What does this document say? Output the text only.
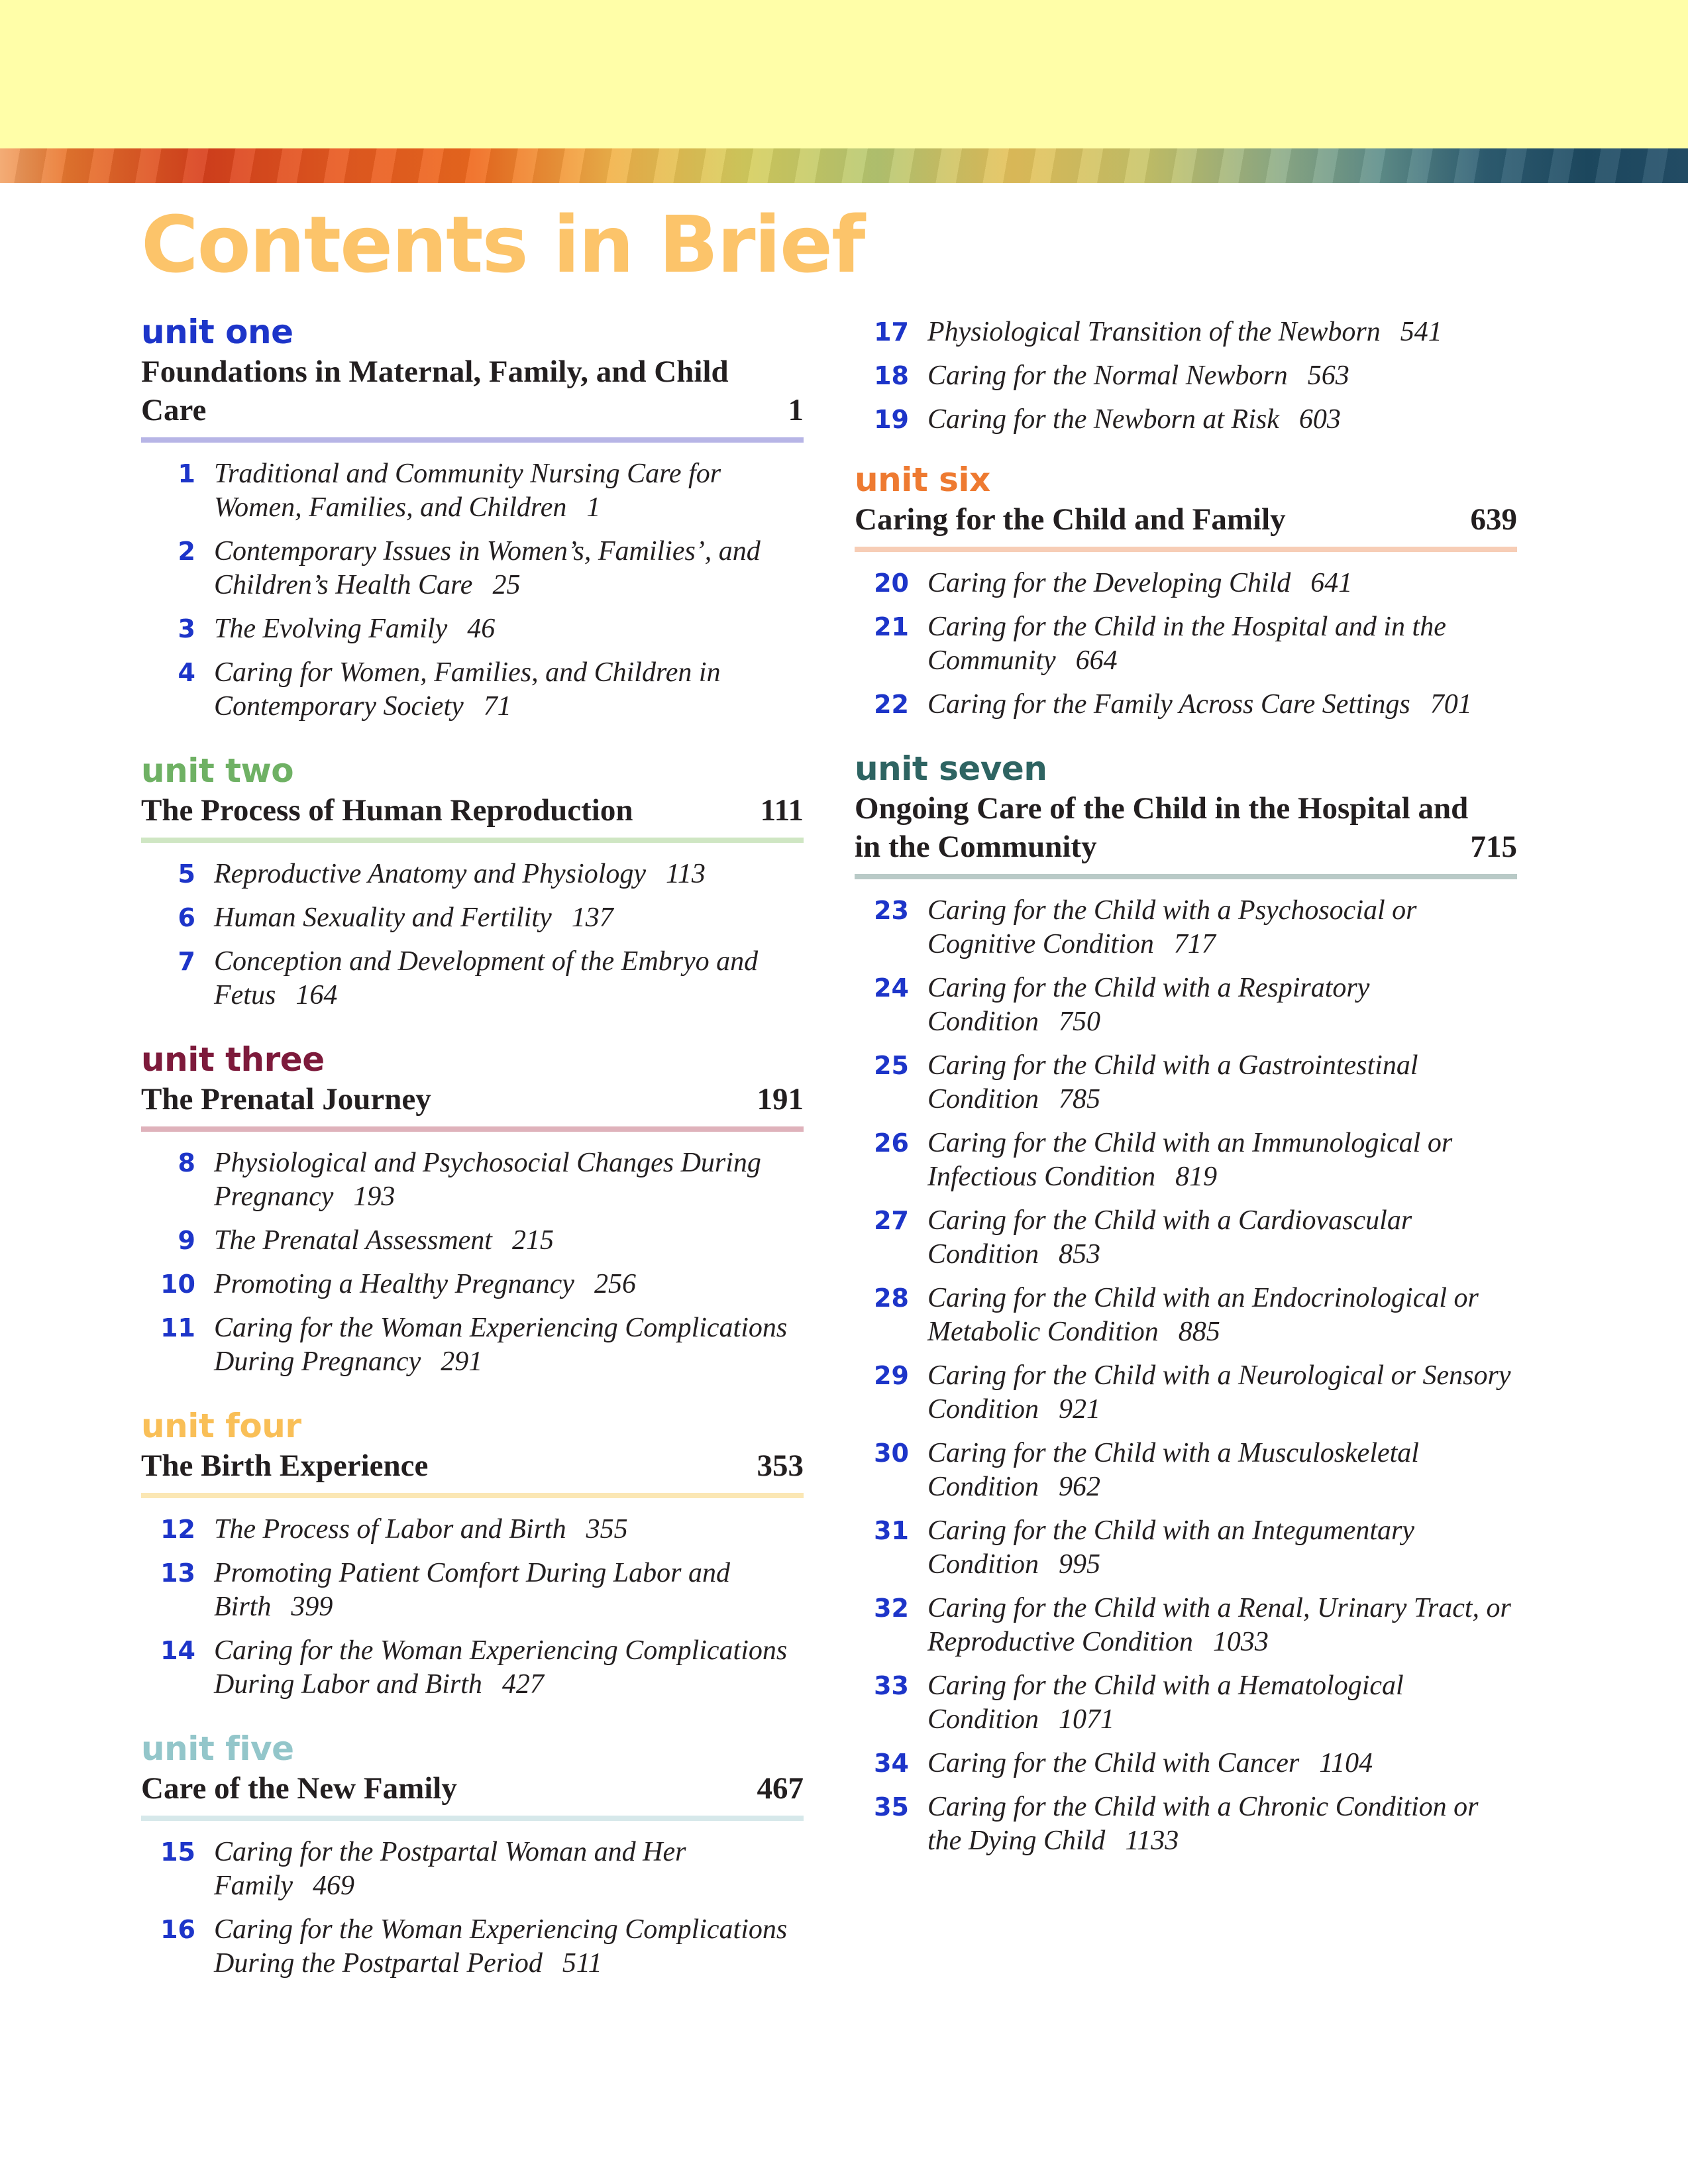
Contents in Brief
unit one
Foundations in Maternal, Family, and Child Care	1
1 Traditional and Community Nursing Care for Women, Families, and Children 1
2 Contemporary Issues in Women’s, Families’, and Children’s Health Care 25
3 The Evolving Family 46
4 Caring for Women, Families, and Children in Contemporary Society 71
unit two
The Process of Human Reproduction	111
5 Reproductive Anatomy and Physiology 113
6 Human Sexuality and Fertility 137
7 Conception and Development of the Embryo and Fetus 164
unit three
The Prenatal Journey	191
8 Physiological and Psychosocial Changes During Pregnancy 193
9 The Prenatal Assessment 215
10 Promoting a Healthy Pregnancy 256
11 Caring for the Woman Experiencing Complications During Pregnancy 291
unit four
The Birth Experience	353
12 The Process of Labor and Birth 355
13 Promoting Patient Comfort During Labor and Birth 399
14 Caring for the Woman Experiencing Complications During Labor and Birth 427
unit five
Care of the New Family	467
15 Caring for the Postpartal Woman and Her Family 469
16 Caring for the Woman Experiencing Complications During the Postpartal Period 511
17 Physiological Transition of the Newborn 541
18 Caring for the Normal Newborn 563
19 Caring for the Newborn at Risk 603
unit six
Caring for the Child and Family	639
20 Caring for the Developing Child 641
21 Caring for the Child in the Hospital and in the Community 664
22 Caring for the Family Across Care Settings 701
unit seven
Ongoing Care of the Child in the Hospital and in the Community	715
23 Caring for the Child with a Psychosocial or Cognitive Condition 717
24 Caring for the Child with a Respiratory Condition 750
25 Caring for the Child with a Gastrointestinal Condition 785
26 Caring for the Child with an Immunological or Infectious Condition 819
27 Caring for the Child with a Cardiovascular Condition 853
28 Caring for the Child with an Endocrinological or Metabolic Condition 885
29 Caring for the Child with a Neurological or Sensory Condition 921
30 Caring for the Child with a Musculoskeletal Condition 962
31 Caring for the Child with an Integumentary Condition 995
32 Caring for the Child with a Renal, Urinary Tract, or Reproductive Condition 1033
33 Caring for the Child with a Hematological Condition 1071
34 Caring for the Child with Cancer 1104
35 Caring for the Child with a Chronic Condition or the Dying Child 1133
